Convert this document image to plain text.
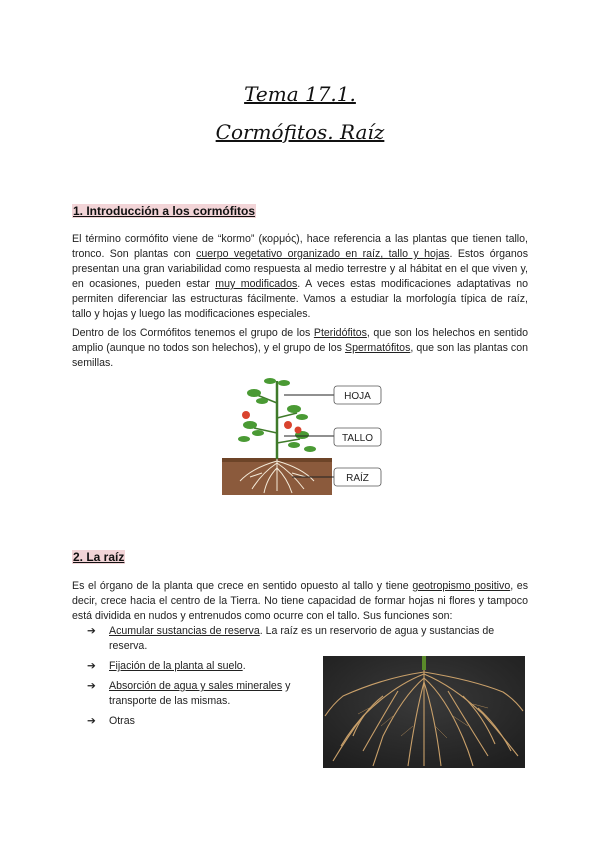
Tema 17.1.
Cormófitos. Raíz
1. Introducción a los cormófitos

El término cormófito viene de “kormo” (κορμός), hace referencia a las plantas que tienen tallo, tronco. Son plantas con cuerpo vegetativo organizado en raíz, tallo y hojas. Estos órganos presentan una gran variabilidad como respuesta al medio terrestre y al hábitat en el que viven y, en ocasiones, pueden estar muy modificados. A veces estas modificaciones adaptativas no permiten diferenciar las estructuras fácilmente. Vamos a estudiar la morfología típica de raíz, tallo y hojas y luego las modificaciones especiales.

Dentro de los Cormófitos tenemos el grupo de los Pteridófitos, que son los helechos en sentido amplio (aunque no todos son helechos), y el grupo de los Spermatófitos, que son las plantas con semillas.

HOJA
TALLO
RAÍZ
2. La raíz

Es el órgano de la planta que crece en sentido opuesto al tallo y tiene geotropismo positivo, es decir, crece hacia el centro de la Tierra. No tiene capacidad de formar hojas ni flores y tampoco está dividida en nudos y entrenudos como ocurre con el tallo. Sus funciones son:

➔ Acumular sustancias de reserva. La raíz es un reservorio de agua y sustancias de reserva.
➔ Fijación de la planta al suelo.
➔ Absorción de agua y sales minerales y transporte de las mismas.
➔ Otras
